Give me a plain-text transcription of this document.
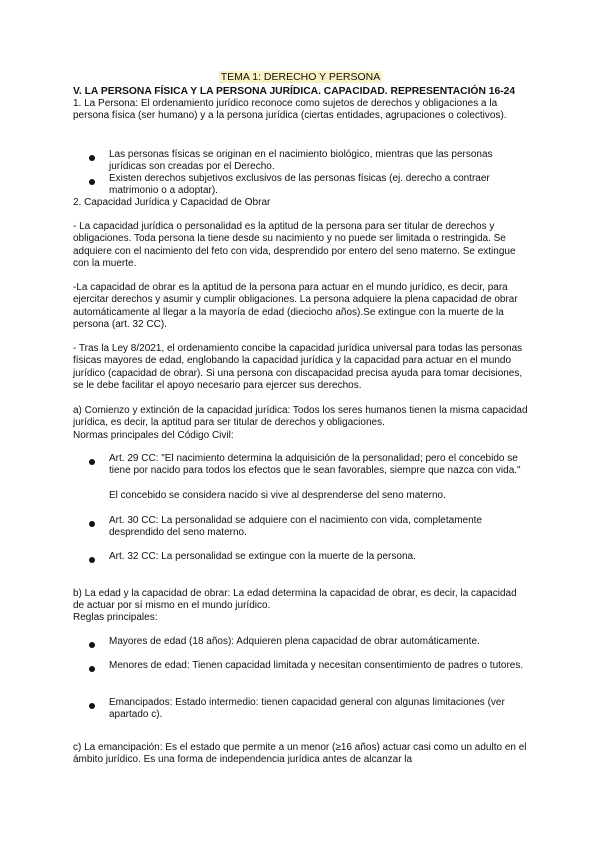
TEMA 1: DERECHO Y PERSONA
V. LA PERSONA FÍSICA Y LA PERSONA JURÍDICA. CAPACIDAD. REPRESENTACIÓN 16-24

1. La Persona: El ordenamiento jurídico reconoce como sujetos de derechos y obligaciones a la persona física (ser humano) y a la persona jurídica (ciertas entidades, agrupaciones o colectivos).

Las personas físicas se originan en el nacimiento biológico, mientras que las personas jurídicas son creadas por el Derecho.
Existen derechos subjetivos exclusivos de las personas físicas (ej. derecho a contraer matrimonio o a adoptar).
2. Capacidad Jurídica y Capacidad de Obrar
- La capacidad jurídica o personalidad es la aptitud de la persona para ser titular de derechos y obligaciones. Toda persona la tiene desde su nacimiento y no puede ser limitada o restringida. Se adquiere con el nacimiento del feto con vida, desprendido por entero del seno materno. Se extingue con la muerte.
-La capacidad de obrar es la aptitud de la persona para actuar en el mundo jurídico, es decir, para ejercitar derechos y asumir y cumplir obligaciones. La persona adquiere la plena capacidad de obrar automáticamente al llegar a la mayoría de edad (dieciocho años).Se extingue con la muerte de la persona (art. 32 CC).
- Tras la Ley 8/2021, el ordenamiento concibe la capacidad jurídica universal para todas las personas físicas mayores de edad, englobando la capacidad jurídica y la capacidad para actuar en el mundo jurídico (capacidad de obrar). Si una persona con discapacidad precisa ayuda para tomar decisiones, se le debe facilitar el apoyo necesario para ejercer sus derechos.
a) Comienzo y extinción de la capacidad jurídica: Todos los seres humanos tienen la misma capacidad jurídica, es decir, la aptitud para ser titular de derechos y obligaciones.
Normas principales del Código Civil:
Art. 29 CC: "El nacimiento determina la adquisición de la personalidad; pero el concebido se tiene por nacido para todos los efectos que le sean favorables, siempre que nazca con vida."
El concebido se considera nacido si vive al desprenderse del seno materno.
Art. 30 CC: La personalidad se adquiere con el nacimiento con vida, completamente desprendido del seno materno.
Art. 32 CC: La personalidad se extingue con la muerte de la persona.
b) La edad y la capacidad de obrar: La edad determina la capacidad de obrar, es decir, la capacidad de actuar por sí mismo en el mundo jurídico.
Reglas principales:
Mayores de edad (18 años): Adquieren plena capacidad de obrar automáticamente.
Menores de edad: Tienen capacidad limitada y necesitan consentimiento de padres o tutores.
Emancipados: Estado intermedio: tienen capacidad general con algunas limitaciones (ver apartado c).
c) La emancipación: Es el estado que permite a un menor (≥16 años) actuar casi como un adulto en el ámbito jurídico. Es una forma de independencia jurídica antes de alcanzar la
